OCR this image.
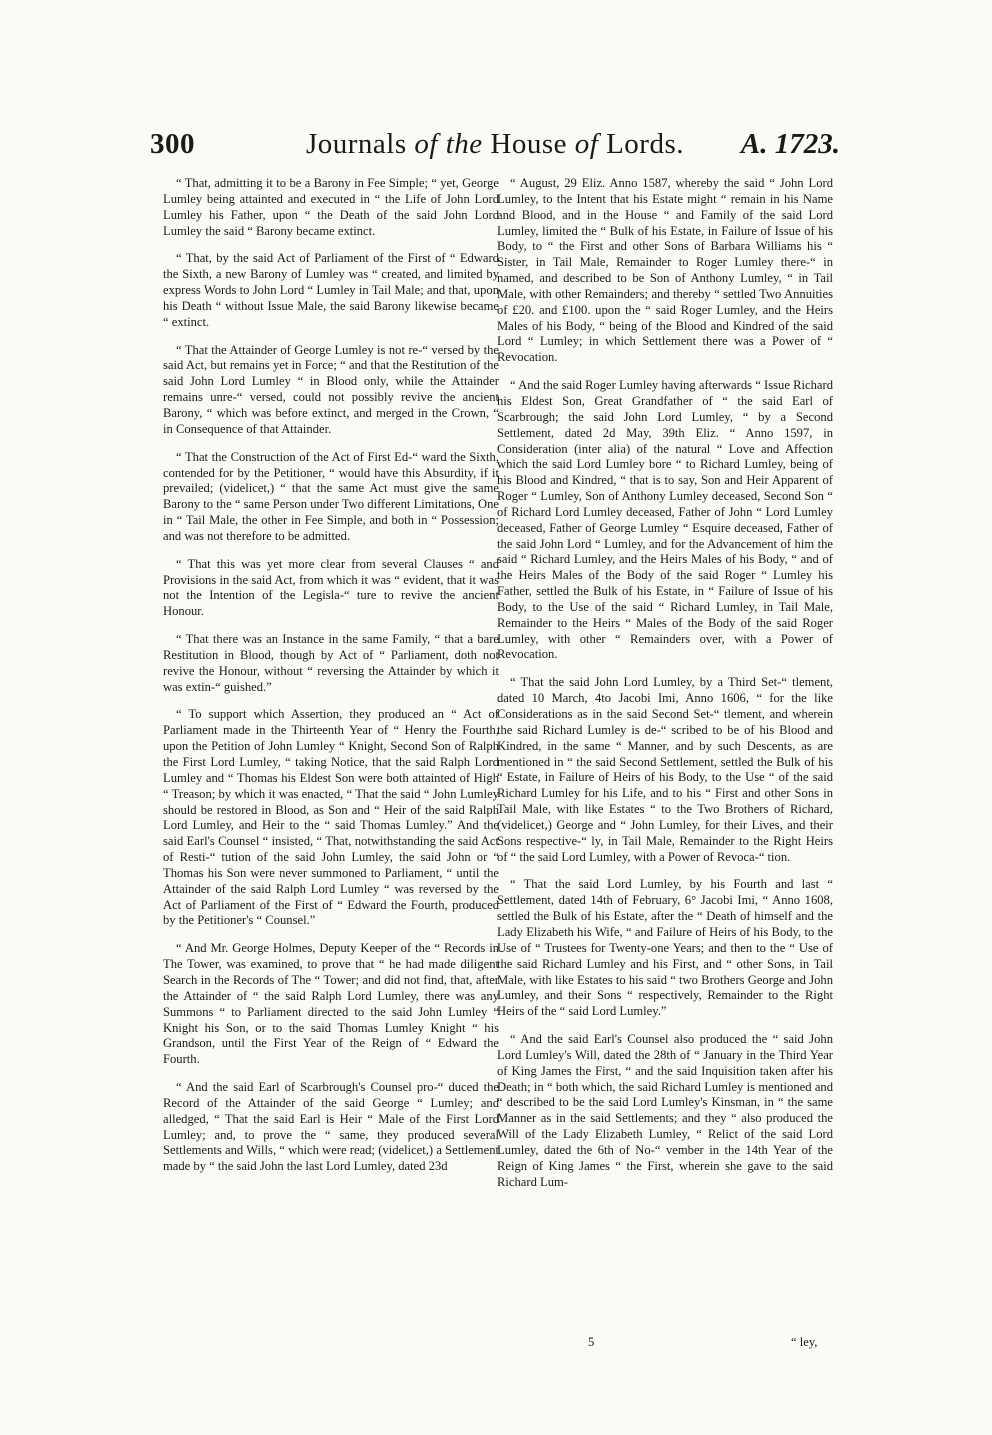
300	Journals of the House of Lords.	A. 1723.

“ That, admitting it to be a Barony in Fee Simple; “ yet, George Lumley being attainted and executed in “ the Life of John Lord Lumley his Father, upon “ the Death of the said John Lord Lumley the said “ Barony became extinct.

“ That, by the said Act of Parliament of the First of “ Edward the Sixth, a new Barony of Lumley was “ created, and limited by express Words to John Lord “ Lumley in Tail Male; and that, upon his Death “ without Issue Male, the said Barony likewise became “ extinct.

“ That the Attainder of George Lumley is not re-“ versed by the said Act, but remains yet in Force; “ and that the Restitution of the said John Lord Lumley “ in Blood only, while the Attainder remains unre-“ versed, could not possibly revive the ancient Barony, “ which was before extinct, and merged in the Crown, “ in Consequence of that Attainder.

“ That the Construction of the Act of First Ed-“ ward the Sixth, contended for by the Petitioner, “ would have this Absurdity, if it prevailed; (videlicet,) “ that the same Act must give the same Barony to the “ same Person under Two different Limitations, One in “ Tail Male, the other in Fee Simple, and both in “ Possession; and was not therefore to be admitted.

“ That this was yet more clear from several Clauses “ and Provisions in the said Act, from which it was “ evident, that it was not the Intention of the Legisla-“ ture to revive the ancient Honour.

“ That there was an Instance in the same Family, “ that a bare Restitution in Blood, though by Act of “ Parliament, doth not revive the Honour, without “ reversing the Attainder by which it was extin-“ guished.”

“ To support which Assertion, they produced an “ Act of Parliament made in the Thirteenth Year of “ Henry the Fourth, upon the Petition of John Lumley “ Knight, Second Son of Ralph the First Lord Lumley, “ taking Notice, that the said Ralph Lord Lumley and “ Thomas his Eldest Son were both attainted of High “ Treason; by which it was enacted, “ That the said “ John Lumley should be restored in Blood, as Son and “ Heir of the said Ralph Lord Lumley, and Heir to the “ said Thomas Lumley.” And the said Earl's Counsel “ insisted, “ That, notwithstanding the said Act of Resti-“ tution of the said John Lumley, the said John or “ Thomas his Son were never summoned to Parliament, “ until the Attainder of the said Ralph Lord Lumley “ was reversed by the Act of Parliament of the First of “ Edward the Fourth, produced by the Petitioner's “ Counsel.”

“ And Mr. George Holmes, Deputy Keeper of the “ Records in The Tower, was examined, to prove that “ he had made diligent Search in the Records of The “ Tower; and did not find, that, after the Attainder of “ the said Ralph Lord Lumley, there was any Summons “ to Parliament directed to the said John Lumley “ Knight his Son, or to the said Thomas Lumley Knight “ his Grandson, until the First Year of the Reign of “ Edward the Fourth.

“ And the said Earl of Scarbrough's Counsel pro-“ duced the Record of the Attainder of the said George “ Lumley; and alledged, “ That the said Earl is Heir “ Male of the First Lord Lumley; and, to prove the “ same, they produced several Settlements and Wills, “ which were read; (videlicet,) a Settlement made by “ the said John the last Lord Lumley, dated 23d

“ August, 29 Eliz. Anno 1587, whereby the said “ John Lord Lumley, to the Intent that his Estate might “ remain in his Name and Blood, and in the House “ and Family of the said Lord Lumley, limited the “ Bulk of his Estate, in Failure of Issue of his Body, to “ the First and other Sons of Barbara Williams his “ Sister, in Tail Male, Remainder to Roger Lumley there-“ in named, and described to be Son of Anthony Lumley, “ in Tail Male, with other Remainders; and thereby “ settled Two Annuities of £20. and £100. upon the “ said Roger Lumley, and the Heirs Males of his Body, “ being of the Blood and Kindred of the said Lord “ Lumley; in which Settlement there was a Power of “ Revocation.

“ And the said Roger Lumley having afterwards “ Issue Richard his Eldest Son, Great Grandfather of “ the said Earl of Scarbrough; the said John Lord Lumley, “ by a Second Settlement, dated 2d May, 39th Eliz. “ Anno 1597, in Consideration (inter alia) of the natural “ Love and Affection which the said Lord Lumley bore “ to Richard Lumley, being of his Blood and Kindred, “ that is to say, Son and Heir Apparent of Roger “ Lumley, Son of Anthony Lumley deceased, Second Son “ of Richard Lord Lumley deceased, Father of John “ Lord Lumley deceased, Father of George Lumley “ Esquire deceased, Father of the said John Lord “ Lumley, and for the Advancement of him the said “ Richard Lumley, and the Heirs Males of his Body, “ and of the Heirs Males of the Body of the said Roger “ Lumley his Father, settled the Bulk of his Estate, in “ Failure of Issue of his Body, to the Use of the said “ Richard Lumley, in Tail Male, Remainder to the Heirs “ Males of the Body of the said Roger Lumley, with other “ Remainders over, with a Power of Revocation.

“ That the said John Lord Lumley, by a Third Set-“ tlement, dated 10 March, 4to Jacobi Imi, Anno 1606, “ for the like Considerations as in the said Second Set-“ tlement, and wherein the said Richard Lumley is de-“ scribed to be of his Blood and Kindred, in the same “ Manner, and by such Descents, as are mentioned in “ the said Second Settlement, settled the Bulk of his “ Estate, in Failure of Heirs of his Body, to the Use “ of the said Richard Lumley for his Life, and to his “ First and other Sons in Tail Male, with like Estates “ to the Two Brothers of Richard, (videlicet,) George and “ John Lumley, for their Lives, and their Sons respective-“ ly, in Tail Male, Remainder to the Right Heirs of “ the said Lord Lumley, with a Power of Revoca-“ tion.

“ That the said Lord Lumley, by his Fourth and last “ Settlement, dated 14th of February, 6° Jacobi Imi, “ Anno 1608, settled the Bulk of his Estate, after the “ Death of himself and the Lady Elizabeth his Wife, “ and Failure of Heirs of his Body, to the Use of “ Trustees for Twenty-one Years; and then to the “ Use of the said Richard Lumley and his First, and “ other Sons, in Tail Male, with like Estates to his said “ two Brothers George and John Lumley, and their Sons “ respectively, Remainder to the Right Heirs of the “ said Lord Lumley.”

“ And the said Earl's Counsel also produced the “ said John Lord Lumley's Will, dated the 28th of “ January in the Third Year of King James the First, “ and the said Inquisition taken after his Death; in “ both which, the said Richard Lumley is mentioned and “ described to be the said Lord Lumley's Kinsman, in “ the same Manner as in the said Settlements; and they “ also produced the Will of the Lady Elizabeth Lumley, “ Relict of the said Lord Lumley, dated the 6th of No-“ vember in the 14th Year of the Reign of King James “ the First, wherein she gave to the said Richard Lum-

5	“ ley,
